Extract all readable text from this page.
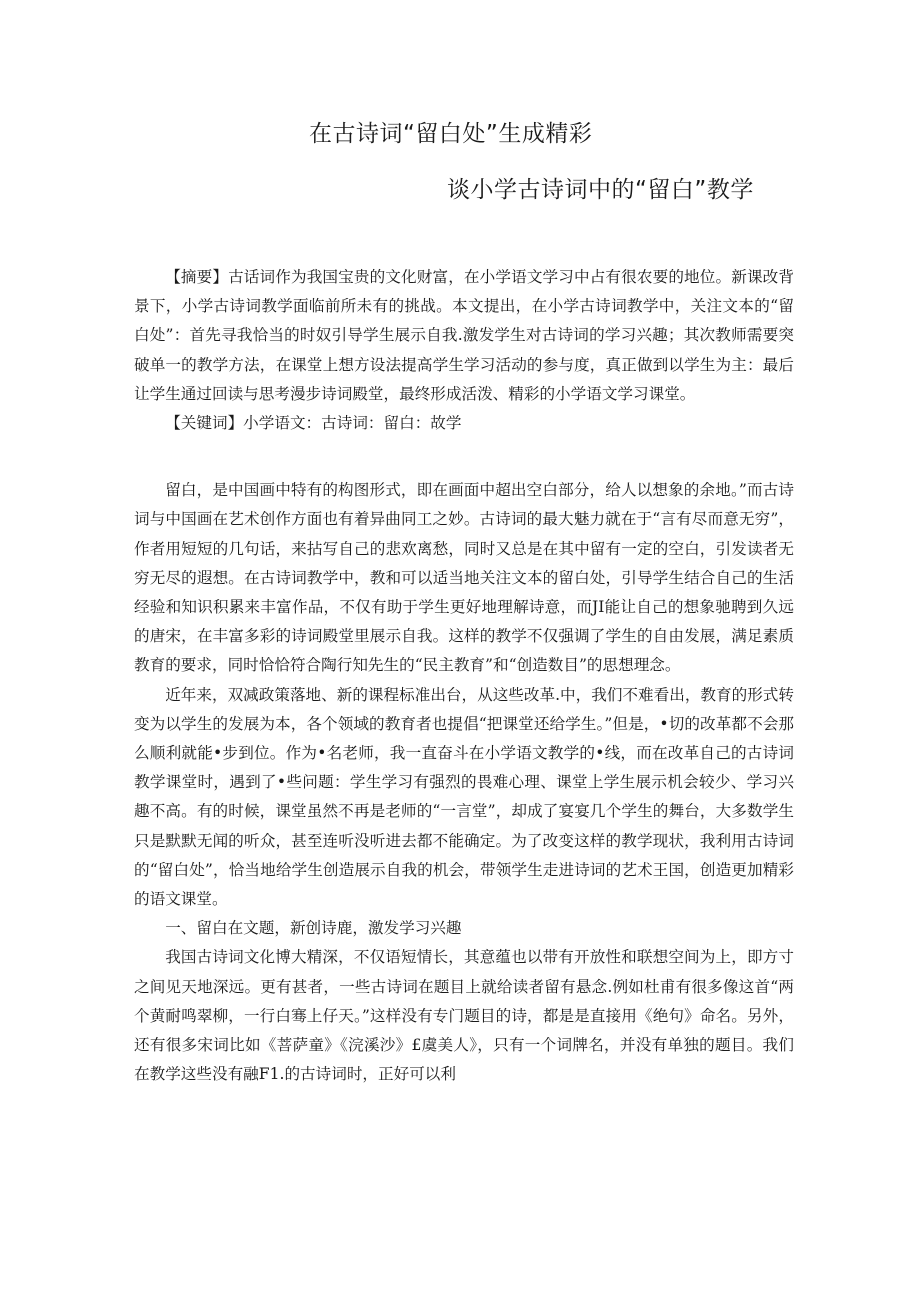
在古诗词“留白处”生成精彩
谈小学古诗词中的“留白”教学

【摘要】古话词作为我国宝贵的文化财富，在小学语文学习中占有很农要的地位。新课改背景下，小学古诗词教学面临前所未有的挑战。本文提出，在小学古诗词教学中，关注文本的“留白处”：首先寻我恰当的时奴引导学生展示自我.激发学生对古诗词的学习兴趣；其次教师需要突破单一的教学方法，在课堂上想方设法提高学生学习活动的参与度，真正做到以学生为主：最后让学生通过回读与思考漫步诗词殿堂，最终形成活泼、精彩的小学语文学习课堂。

【关键词】小学语文：古诗词：留白：故学

留白，是中国画中特有的构图形式，即在画面中超出空白部分，给人以想象的余地。”而古诗词与中国画在艺术创作方面也有着异曲同工之妙。古诗词的最大魅力就在于“言有尽而意无穷”，作者用短短的几句话，来拈写自己的悲欢离愁，同时又总是在其中留有一定的空白，引发读者无穷无尽的遐想。在古诗词教学中，教和可以适当地关注文本的留白处，引导学生结合自己的生活经验和知识积累来丰富作品，不仅有助于学生更好地理解诗意，而JI能让自己的想象驰聘到久远的唐宋，在丰富多彩的诗词殿堂里展示自我。这样的教学不仅强调了学生的自由发展，满足素质教育的要求，同时恰恰符合陶行知先生的“民主教育”和“创造数目”的思想理念。

近年来，双减政策落地、新的课程标准出台，从这些改革.中，我们不难看出，教育的形式转变为以学生的发展为本，各个领域的教育者也提倡“把课堂还给学生。”但是，•切的改革都不会那么顺利就能•步到位。作为•名老师，我一直奋斗在小学语文教学的•线，而在改革自己的古诗词教学课堂时，遇到了•些问题：学生学习有强烈的畏难心理、课堂上学生展示机会较少、学习兴趣不高。有的时候，课堂虽然不再是老师的“一言堂”，却成了宴宴几个学生的舞台，大多数学生只是默默无闻的听众，甚至连听没听进去都不能确定。为了改变这样的教学现状，我利用古诗词的“留白处”，恰当地给学生创造展示自我的机会，带领学生走进诗词的艺术王国，创造更加精彩的语文课堂。

一、留白在文题，新创诗鹿，激发学习兴趣

我国古诗词文化博大精深，不仅语短情长，其意蕴也以带有开放性和联想空间为上，即方寸之间见天地深远。更有甚者，一些古诗词在题目上就给读者留有悬念.例如杜甫有很多像这首“两个黄耐鸣翠柳，一行白骞上仔天。”这样没有专门题目的诗，都是是直接用《绝句》命名。另外，还有很多宋词比如《菩萨童》《浣溪沙》£虞美人》，只有一个词牌名，并没有单独的题目。我们在教学这些没有融F1.的古诗词时，正好可以利
